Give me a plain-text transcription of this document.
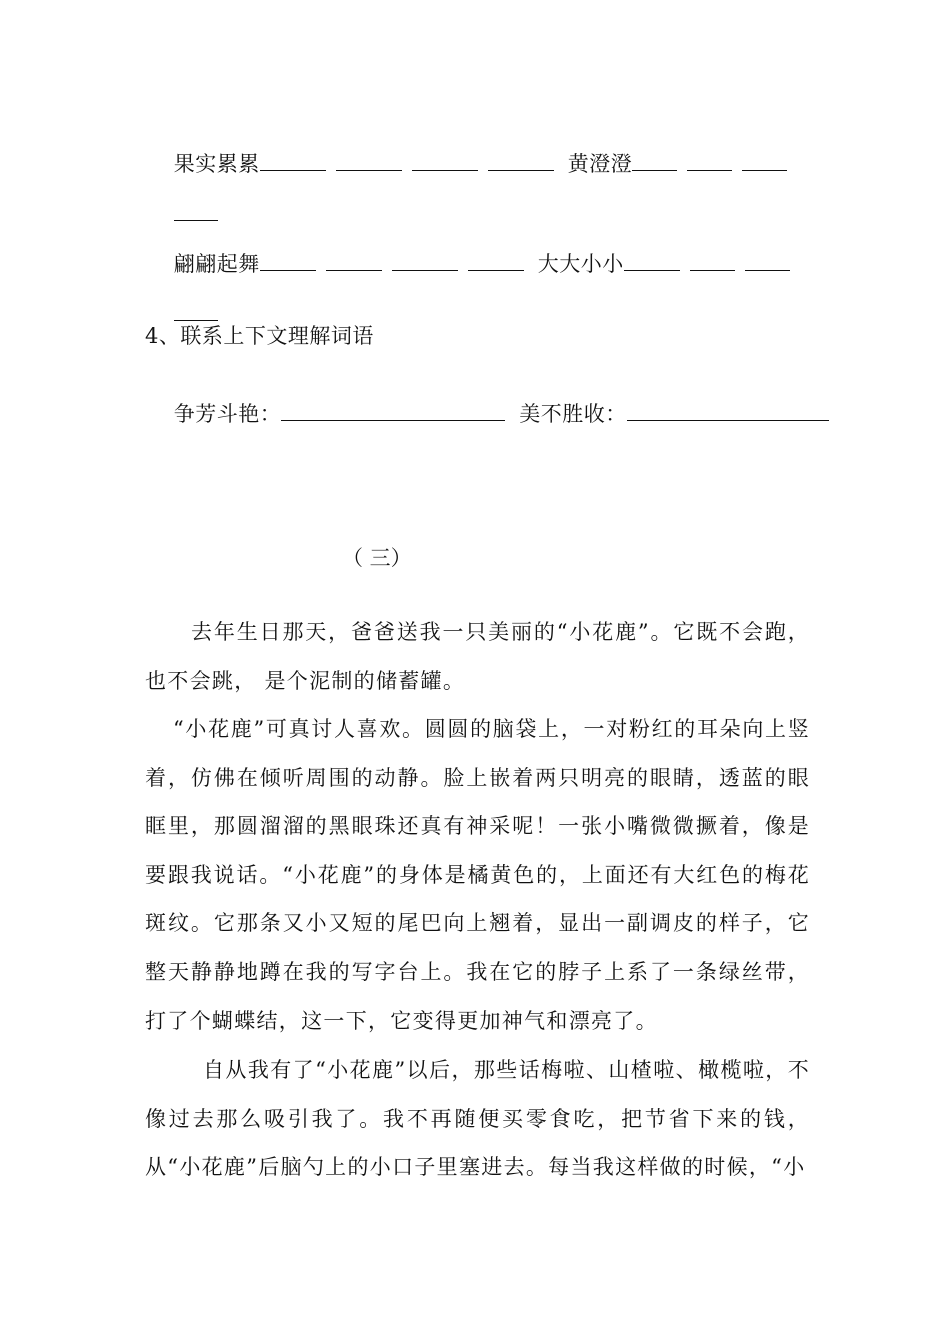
果实累累	黄澄澄

翩翩起舞	大大小小

4、联系上下文理解词语

争芳斗艳：	美不胜收：

（ 三）
去年生日那天，爸爸送我一只美丽的“小花鹿”。它既不会跑，也不会跳， 是个泥制的储蓄罐。
“小花鹿”可真讨人喜欢。圆圆的脑袋上，一对粉红的耳朵向上竖着，仿佛在倾听周围的动静。脸上嵌着两只明亮的眼睛，透蓝的眼眶里，那圆溜溜的黑眼珠还真有神采呢！一张小嘴微微撅着，像是要跟我说话。“小花鹿”的身体是橘黄色的，上面还有大红色的梅花斑纹。它那条又小又短的尾巴向上翘着，显出一副调皮的样子，它整天静静地蹲在我的写字台上。我在它的脖子上系了一条绿丝带，打了个蝴蝶结，这一下，它变得更加神气和漂亮了。
自从我有了“小花鹿”以后，那些话梅啦、山楂啦、橄榄啦，不像过去那么吸引我了。我不再随便买零食吃，把节省下来的钱，从“小花鹿”后脑勺上的小口子里塞进去。每当我这样做的时候，“小
